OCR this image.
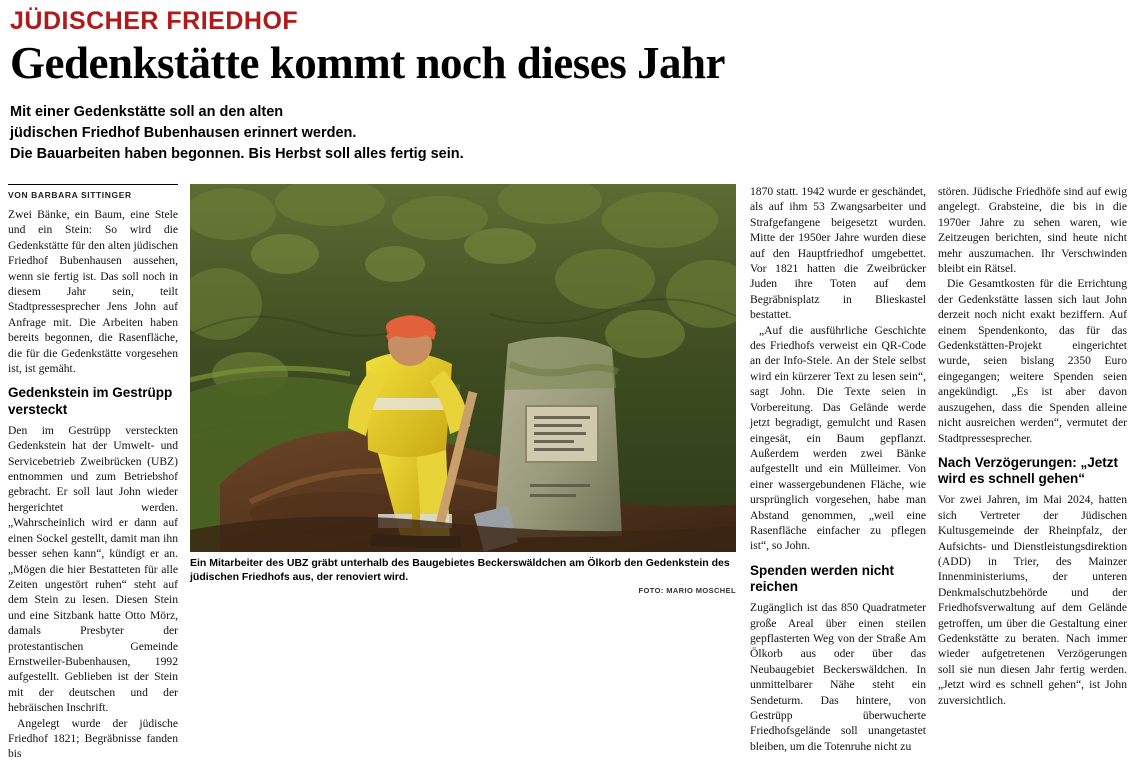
JÜDISCHER FRIEDHOF
Gedenkstätte kommt noch dieses Jahr
Mit einer Gedenkstätte soll an den alten
jüdischen Friedhof Bubenhausen erinnert werden.
Die Bauarbeiten haben begonnen. Bis Herbst soll alles fertig sein.
VON BARBARA SITTINGER

Zwei Bänke, ein Baum, eine Stele und ein Stein: So wird die Gedenkstätte für den alten jüdischen Friedhof Bubenhausen aussehen, wenn sie fertig ist. Das soll noch in diesem Jahr sein, teilt Stadtpressesprecher Jens John auf Anfrage mit. Die Arbeiten haben bereits begonnen, die Rasenfläche, die für die Gedenkstätte vorgesehen ist, ist gemäht.

Gedenkstein im Gestrüpp versteckt

Den im Gestrüpp versteckten Gedenkstein hat der Umwelt- und Servicebetrieb Zweibrücken (UBZ) entnommen und zum Betriebshof gebracht. Er soll laut John wieder hergerichtet werden. „Wahrscheinlich wird er dann auf einen Sockel gestellt, damit man ihn besser sehen kann“, kündigt er an. „Mögen die hier Bestatteten für alle Zeiten ungestört ruhen“ steht auf dem Stein zu lesen. Diesen Stein und eine Sitzbank hatte Otto Mörz, damals Presbyter der protestantischen Gemeinde Ernstweiler-Bubenhausen, 1992 aufgestellt. Geblieben ist der Stein mit der deutschen und der hebräischen Inschrift.

Angelegt wurde der jüdische Friedhof 1821; Begräbnisse fanden bis

Ein Mitarbeiter des UBZ gräbt unterhalb des Baugebietes Beckerswäldchen am Ölkorb den Gedenkstein des jüdischen Friedhofs aus, der renoviert wird.
FOTO: MARIO MOSCHEL

1870 statt. 1942 wurde er geschändet, als auf ihm 53 Zwangsarbeiter und Strafgefangene beigesetzt wurden. Mitte der 1950er Jahre wurden diese auf den Hauptfriedhof umgebettet. Vor 1821 hatten die Zweibrücker Juden ihre Toten auf dem Begräbnisplatz in Blieskastel bestattet.

„Auf die ausführliche Geschichte des Friedhofs verweist ein QR-Code an der Info-Stele. An der Stele selbst wird ein kürzerer Text zu lesen sein“, sagt John. Die Texte seien in Vorbereitung. Das Gelände werde jetzt begradigt, gemulcht und Rasen eingesät, ein Baum gepflanzt. Außerdem werden zwei Bänke aufgestellt und ein Mülleimer. Von einer wassergebundenen Fläche, wie ursprünglich vorgesehen, habe man Abstand genommen, „weil eine Rasenfläche einfacher zu pflegen ist“, so John.

Spenden werden nicht reichen

Zugänglich ist das 850 Quadratmeter große Areal über einen steilen gepflasterten Weg von der Straße Am Ölkorb aus oder über das Neubaugebiet Beckerswäldchen. In unmittelbarer Nähe steht ein Sendeturm. Das hintere, von Gestrüpp überwucherte Friedhofsgelände soll unangetastet bleiben, um die Totenruhe nicht zu

stören. Jüdische Friedhöfe sind auf ewig angelegt. Grabsteine, die bis in die 1970er Jahre zu sehen waren, wie Zeitzeugen berichten, sind heute nicht mehr auszumachen. Ihr Verschwinden bleibt ein Rätsel.

Die Gesamtkosten für die Errichtung der Gedenkstätte lassen sich laut John derzeit noch nicht exakt beziffern. Auf einem Spendenkonto, das für das Gedenkstätten-Projekt eingerichtet wurde, seien bislang 2350 Euro eingegangen; weitere Spenden seien angekündigt. „Es ist aber davon auszugehen, dass die Spenden alleine nicht ausreichen werden“, vermutet der Stadtpressesprecher.

Nach Verzögerungen: „Jetzt wird es schnell gehen“

Vor zwei Jahren, im Mai 2024, hatten sich Vertreter der Jüdischen Kultusgemeinde der Rheinpfalz, der Aufsichts- und Dienstleistungsdirektion (ADD) in Trier, des Mainzer Innenministeriums, der unteren Denkmalschutzbehörde und der Friedhofsverwaltung auf dem Gelände getroffen, um über die Gestaltung einer Gedenkstätte zu beraten. Nach immer wieder aufgetretenen Verzögerungen soll sie nun diesen Jahr fertig werden. „Jetzt wird es schnell gehen“, ist John zuversichtlich.
